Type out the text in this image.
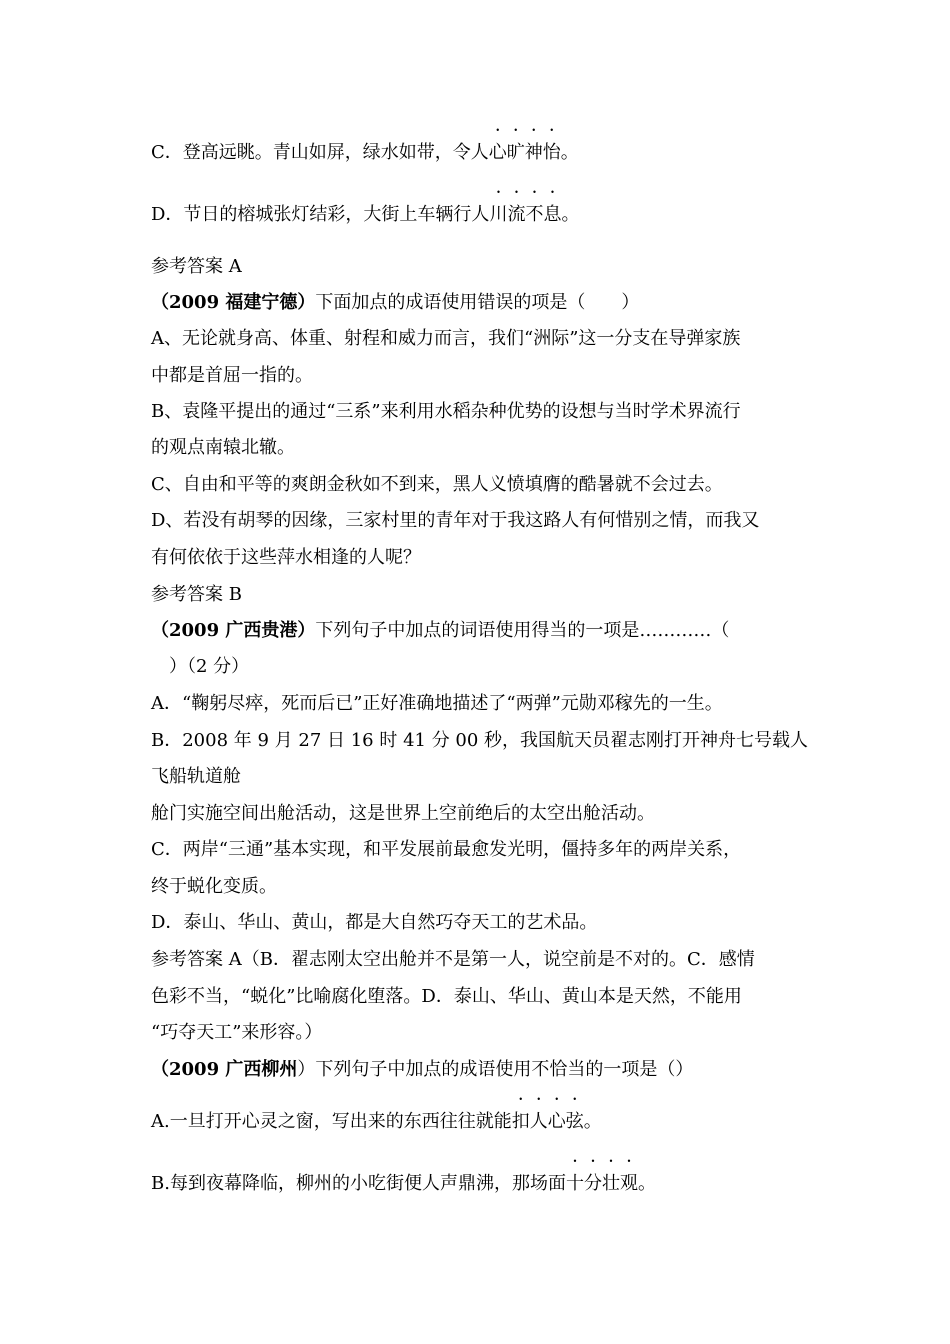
C．登高远眺。青山如屏，绿水如带，令人心旷神怡。
D．节日的榕城张灯结彩，大街上车辆行人川流不息。
参考答案 A
（2009 福建宁德）下面加点的成语使用错误的项是（　　）
A、无论就身高、体重、射程和威力而言，我们“洲际”这一分支在导弹家族
中都是首屈一指的。
B、袁隆平提出的通过“三系”来利用水稻杂种优势的设想与当时学术界流行
的观点南辕北辙。
C、自由和平等的爽朗金秋如不到来，黑人义愤填膺的酷暑就不会过去。
D、若没有胡琴的因缘，三家村里的青年对于我这路人有何惜别之情，而我又
有何依依于这些萍水相逢的人呢？
参考答案 B
（2009 广西贵港）下列句子中加点的词语使用得当的一项是…………（
　）（2 分）
A．“鞠躬尽瘁，死而后已”正好准确地描述了“两弹”元勋邓稼先的一生。
B．2008 年 9 月 27 日 16 时 41 分 00 秒，我国航天员翟志刚打开神舟七号载人
飞船轨道舱
舱门实施空间出舱活动，这是世界上空前绝后的太空出舱活动。
C．两岸“三通”基本实现，和平发展前最愈发光明，僵持多年的两岸关系，
终于蜕化变质。
D．泰山、华山、黄山，都是大自然巧夺天工的艺术品。
参考答案 A（B．翟志刚太空出舱并不是第一人，说空前是不对的。C．感情
色彩不当，“蜕化”比喻腐化堕落。D．泰山、华山、黄山本是天然，不能用
“巧夺天工”来形容。）
（2009 广西柳州）下列句子中加点的成语使用不恰当的一项是（）
A.一旦打开心灵之窗，写出来的东西往往就能扣人心弦。
B.每到夜幕降临，柳州的小吃街便人声鼎沸，那场面十分壮观。
